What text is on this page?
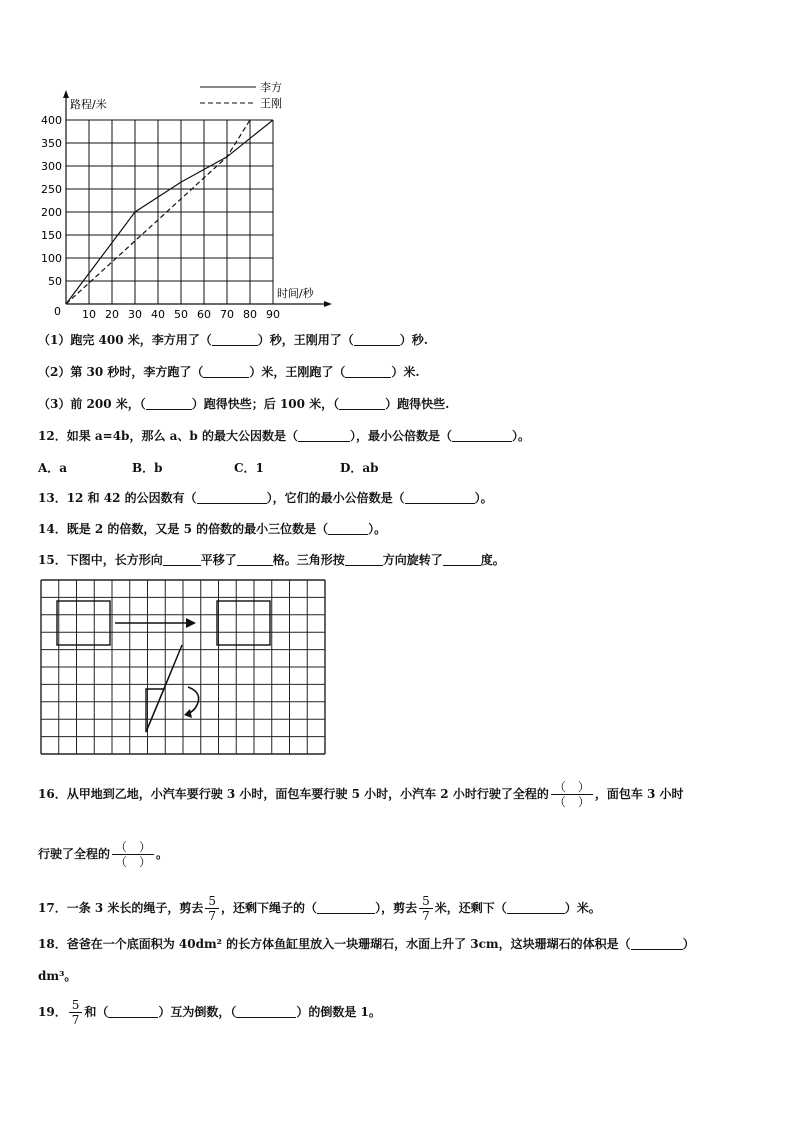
10 20 30 40 50 60 70 80 90
50
100
150
200
250
300
350
400
李方
王刚
路程/米
时间/秒
0
（1）跑完 400 米，李方用了（	）秒，王刚用了（	）秒.
（2）第 30 秒时，李方跑了（	）米，王刚跑了（	）米.
（3）前 200 米，（	）跑得快些；后 100 米，（	）跑得快些.
12．如果 a=4b，那么 a、b 的最大公因数是（	），最小公倍数是（	）。
A．a	B．b	C．1	D．ab
13．12 和 42 的公因数有（	），它们的最小公倍数是（	）。
14．既是 2 的倍数，又是 5 的倍数的最小三位数是（	）。
15．下图中，长方形向	平移了	格。三角形按	方向旋转了	度。
16．从甲地到乙地，小汽车要行驶 3 小时，面包车要行驶 5 小时，小汽车 2 小时行驶了全程的 $\frac{( )}{( )}$ ，面包车 3 小时
行驶了全程的 $\frac{( )}{( )}$ 。
17．一条 3 米长的绳子，剪去 $\frac{5}{7}$ ，还剩下绳子的（	），剪去 $\frac{5}{7}$ 米，还剩下（	）米。
18．爸爸在一个底面积为 40dm² 的长方体鱼缸里放入一块珊瑚石，水面上升了 3cm，这块珊瑚石的体积是（	）
dm³。
19． $\frac{5}{7}$ 和（	）互为倒数，（	）的倒数是 1。
